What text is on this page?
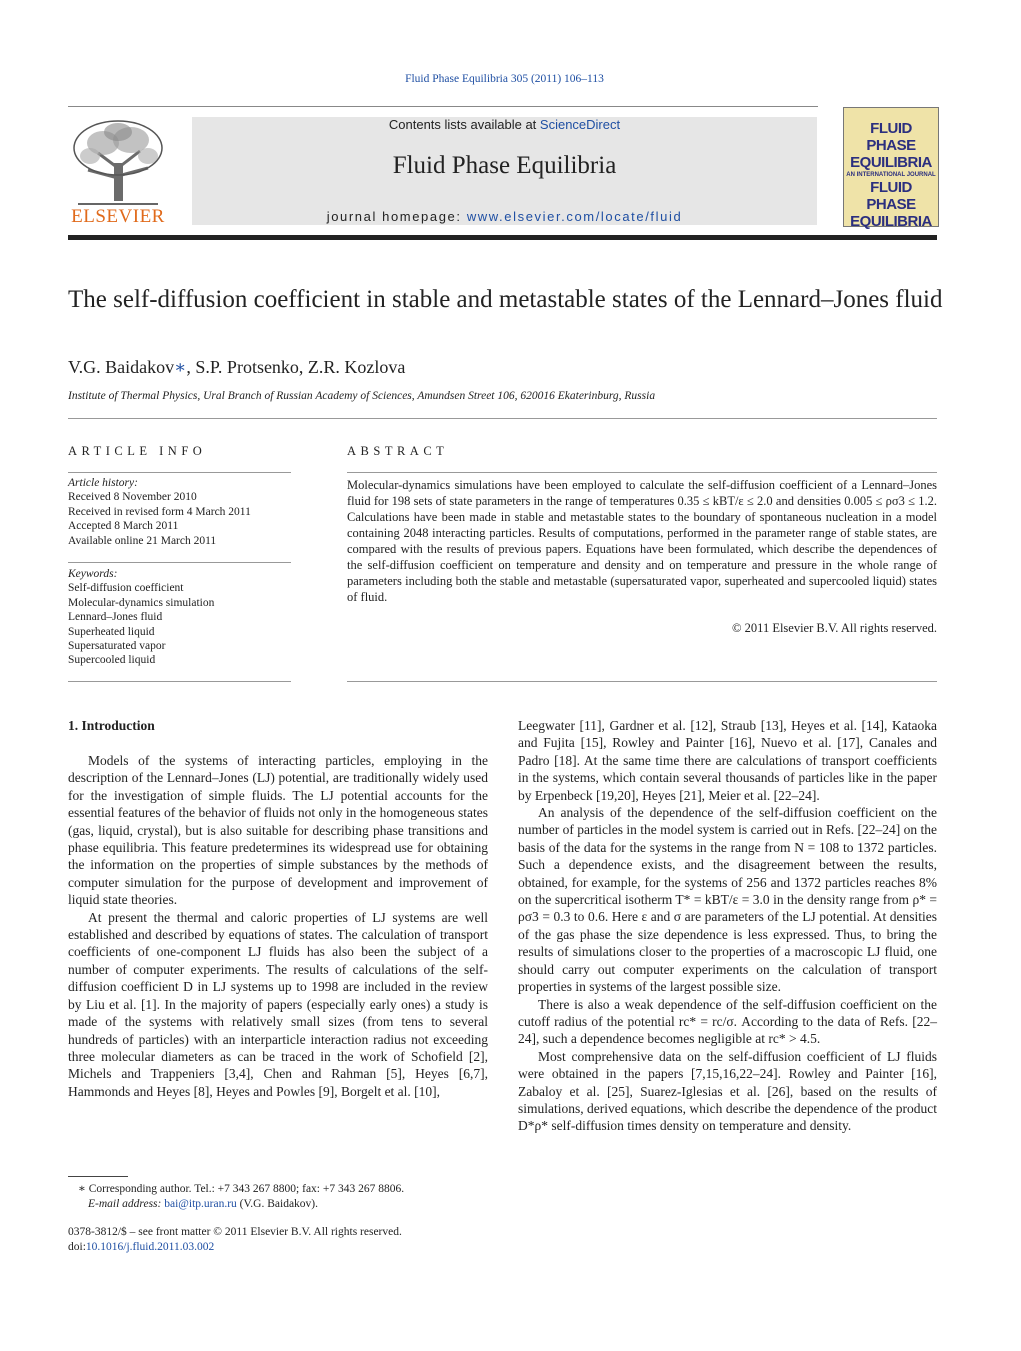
Fluid Phase Equilibria 305 (2011) 106–113
ELSEVIER
Contents lists available at ScienceDirect
Fluid Phase Equilibria
journal homepage: www.elsevier.com/locate/fluid
FLUID PHASE
EQUILIBRIA
AN INTERNATIONAL JOURNAL
FLUID PHASE
EQUILIBRIA
The self-diffusion coefficient in stable and metastable states of the Lennard–Jones fluid
V.G. Baidakov∗, S.P. Protsenko, Z.R. Kozlova
Institute of Thermal Physics, Ural Branch of Russian Academy of Sciences, Amundsen Street 106, 620016 Ekaterinburg, Russia
ARTICLE INFO	ABSTRACT
Article history:
Received 8 November 2010
Received in revised form 4 March 2011
Accepted 8 March 2011
Available online 21 March 2011
Keywords:
Self-diffusion coefficient
Molecular-dynamics simulation
Lennard–Jones fluid
Superheated liquid
Supersaturated vapor
Supercooled liquid
Molecular-dynamics simulations have been employed to calculate the self-diffusion coefficient of a Lennard–Jones fluid for 198 sets of state parameters in the range of temperatures 0.35 ≤ kBT/ε ≤ 2.0 and densities 0.005 ≤ ρσ3 ≤ 1.2. Calculations have been made in stable and metastable states to the boundary of spontaneous nucleation in a model containing 2048 interacting particles. Results of computations, performed in the parameter range of stable states, are compared with the results of previous papers. Equations have been formulated, which describe the dependences of the self-diffusion coefficient on temperature and density and on temperature and pressure in the whole range of parameters including both the stable and metastable (supersaturated vapor, superheated and supercooled liquid) states of fluid.
© 2011 Elsevier B.V. All rights reserved.
1. Introduction

Models of the systems of interacting particles, employing in the description of the Lennard–Jones (LJ) potential, are traditionally widely used for the investigation of simple fluids. The LJ potential accounts for the essential features of the behavior of fluids not only in the homogeneous states (gas, liquid, crystal), but is also suitable for describing phase transitions and phase equilibria. This feature predetermines its widespread use for obtaining the information on the properties of simple substances by the methods of computer simulation for the purpose of development and improvement of liquid state theories.

At present the thermal and caloric properties of LJ systems are well established and described by equations of states. The calculation of transport coefficients of one-component LJ fluids has also been the subject of a number of computer experiments. The results of calculations of the self-diffusion coefficient D in LJ systems up to 1998 are included in the review by Liu et al. [1]. In the majority of papers (especially early ones) a study is made of the systems with relatively small sizes (from tens to several hundreds of particles) with an interparticle interaction radius not exceeding three molecular diameters as can be traced in the work of Schofield [2], Michels and Trappeniers [3,4], Chen and Rahman [5], Heyes [6,7], Hammonds and Heyes [8], Heyes and Powles [9], Borgelt et al. [10],

Leegwater [11], Gardner et al. [12], Straub [13], Heyes et al. [14], Kataoka and Fujita [15], Rowley and Painter [16], Nuevo et al. [17], Canales and Padro [18]. At the same time there are calculations of transport coefficients in the systems, which contain several thousands of particles like in the paper by Erpenbeck [19,20], Heyes [21], Meier et al. [22–24].

An analysis of the dependence of the self-diffusion coefficient on the number of particles in the model system is carried out in Refs. [22–24] on the basis of the data for the systems in the range from N = 108 to 1372 particles. Such a dependence exists, and the disagreement between the results, obtained, for example, for the systems of 256 and 1372 particles reaches 8% on the supercritical isotherm T* = kBT/ε = 3.0 in the density range from ρ* = ρσ3 = 0.3 to 0.6. Here ε and σ are parameters of the LJ potential. At densities of the gas phase the size dependence is less expressed. Thus, to bring the results of simulations closer to the properties of a macroscopic LJ fluid, one should carry out computer experiments on the calculation of transport properties in systems of the largest possible size.

There is also a weak dependence of the self-diffusion coefficient on the cutoff radius of the potential rc* = rc/σ. According to the data of Refs. [22–24], such a dependence becomes negligible at rc* > 4.5.

Most comprehensive data on the self-diffusion coefficient of LJ fluids were obtained in the papers [7,15,16,22–24]. Rowley and Painter [16], Zabaloy et al. [25], Suarez-Iglesias et al. [26], based on the results of simulations, derived equations, which describe the dependence of the product D*ρ* self-diffusion times density on temperature and density.

∗ Corresponding author. Tel.: +7 343 267 8800; fax: +7 343 267 8806.
E-mail address: bai@itp.uran.ru (V.G. Baidakov).
0378-3812/$ – see front matter © 2011 Elsevier B.V. All rights reserved.
doi:10.1016/j.fluid.2011.03.002
